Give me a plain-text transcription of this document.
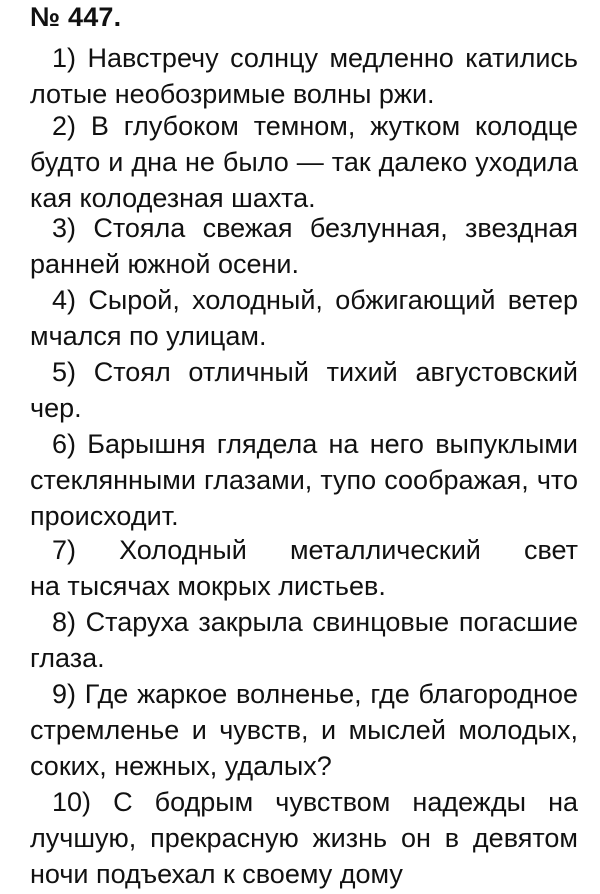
№ 447.
1) Навстречу солнцу медленно катились
лотые необозримые волны ржи.
2) В глубоком темном, жутком колодце
будто и дна не было — так далеко уходила
кая колодезная шахта.
3) Стояла свежая безлунная, звездная
ранней южной осени.
4) Сырой, холодный, обжигающий ветер
мчался по улицам.
5) Стоял отличный тихий августовский
чер.
6) Барышня глядела на него выпуклыми
стеклянными глазами, тупо соображая, что
происходит.
7) Холодный металлический свет
на тысячах мокрых листьев.
8) Старуха закрыла свинцовые погасшие
глаза.
9) Где жаркое волненье, где благородное
стремленье и чувств, и мыслей молодых,
соких, нежных, удалых?
10) С бодрым чувством надежды на
лучшую, прекрасную жизнь он в девятом
ночи подъехал к своему дому
